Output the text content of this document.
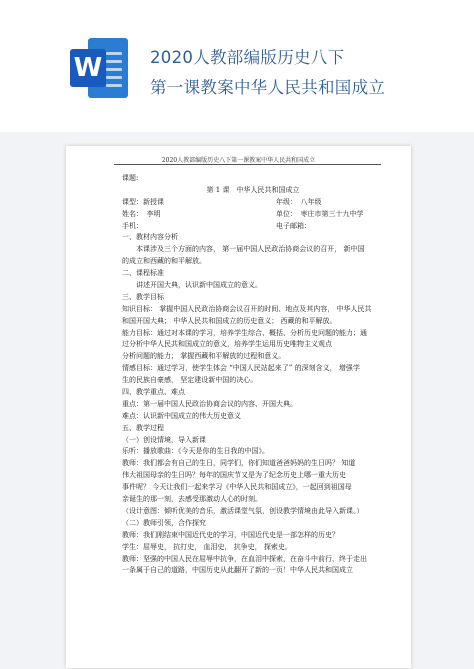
W	2020人教部编版历史八下
第一课教案中华人民共和国成立
2020人教部编版历史八下第一课教案中华人民共和国成立
课题:
第 1 课　中华人民共和国成立
课型：新授课	年级：　八年级
姓名：　李明	单位：　枣庄市第三十九中学
手机：	电子邮箱：
一、教材内容分析
本课涉及三个方面的内容， 第一届中国人民政治协商会议的召开， 新中国
的成立和西藏的和平解放。
二、课程标准
讲述开国大典，认识新中国成立的意义。
三、教学目标
知识目标： 掌握中国人民政治协商会议召开的时间、地点及其内容， 中华人民共
和国开国大典； 中华人民共和国成立的历史意义； 西藏的和平解放。
能力目标：通过对本课的学习，培养学生综合、概括、分析历史问题的能力；通
过分析中华人民共和国成立的意义，培养学生运用历史唯物主义观点
分析问题的能力； 掌握西藏和平解放的过程和意义。
情感目标：通过学习，使学生体会 “中国人民站起来了” 的深刻含义， 增强学
生的民族自豪感， 坚定建设新中国的决心。
四、教学重点、难点
重点：第一届中国人民政治协商会议的内容、开国大典。
难点：认识新中国成立的伟大历史意义
五、教学过程
（一）创设情境，导入新课
乐听：播放歌曲：《今天是你的生日我的中国》。
教师：我们都会有自己的生日，同学们，你们知道爸爸妈妈的生日吗？ 知道
伟大祖国母亲的生日吗？每年的国庆节又是为了纪念历史上哪一重大历史
事件呢？ 今天让我们一起来学习《中华人民共和国成立》，一起回到祖国母
亲诞生的那一刻，去感受那激动人心的时刻。
（设计意图：倾听优美的音乐，激活课堂气氛，创设教学情境由此导入新课。）
（二）教师引领，合作探究
教师：我们刚结束中国近代史的学习，中国近代史是一部怎样的历史？
学生：屈辱史， 抗打史， 血泪史， 抗争史， 探索史。
教师：坚强的中国人民在屈辱中抗争，在血泪中探索，在奋斗中前行，终于走出
一条属于自己的道路，中国历史从此翻开了新的一页！中华人民共和国成立
